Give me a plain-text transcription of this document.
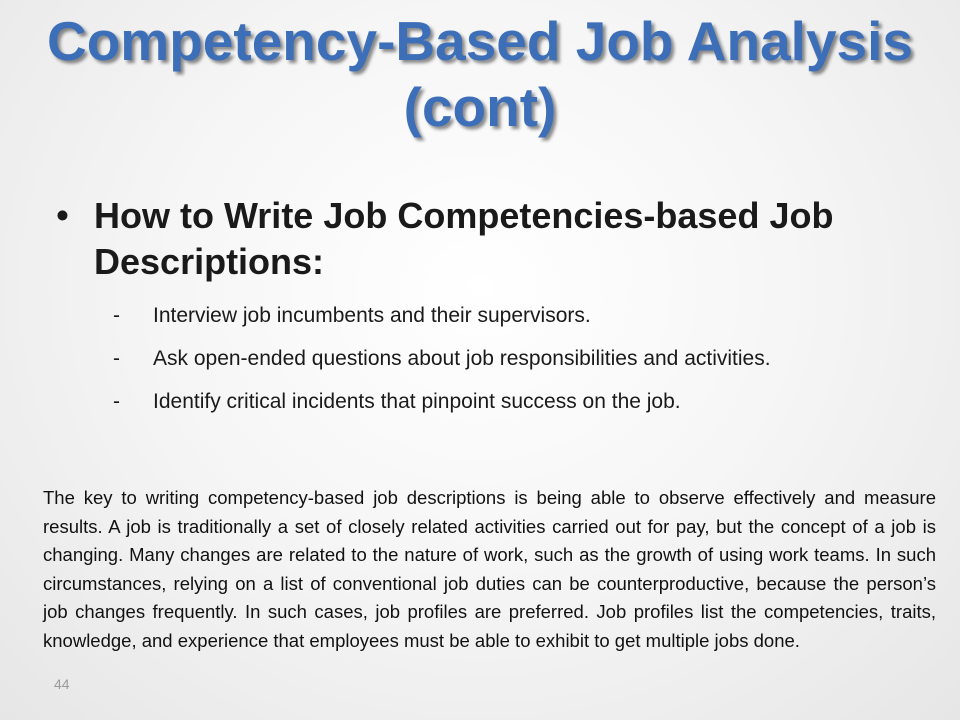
Competency-Based Job Analysis (cont)
• How to Write Job Competencies-based Job Descriptions:
-	Interview job incumbents and their supervisors.
-	Ask open-ended questions about job responsibilities and activities.
-	Identify critical incidents that pinpoint success on the job.

The key to writing competency-based job descriptions is being able to observe effectively and measure results. A job is traditionally a set of closely related activities carried out for pay, but the concept of a job is changing. Many changes are related to the nature of work, such as the growth of using work teams. In such circumstances, relying on a list of conventional job duties can be counterproductive, because the person’s job changes frequently. In such cases, job profiles are preferred. Job profiles list the competencies, traits, knowledge, and experience that employees must be able to exhibit to get multiple jobs done.

44
